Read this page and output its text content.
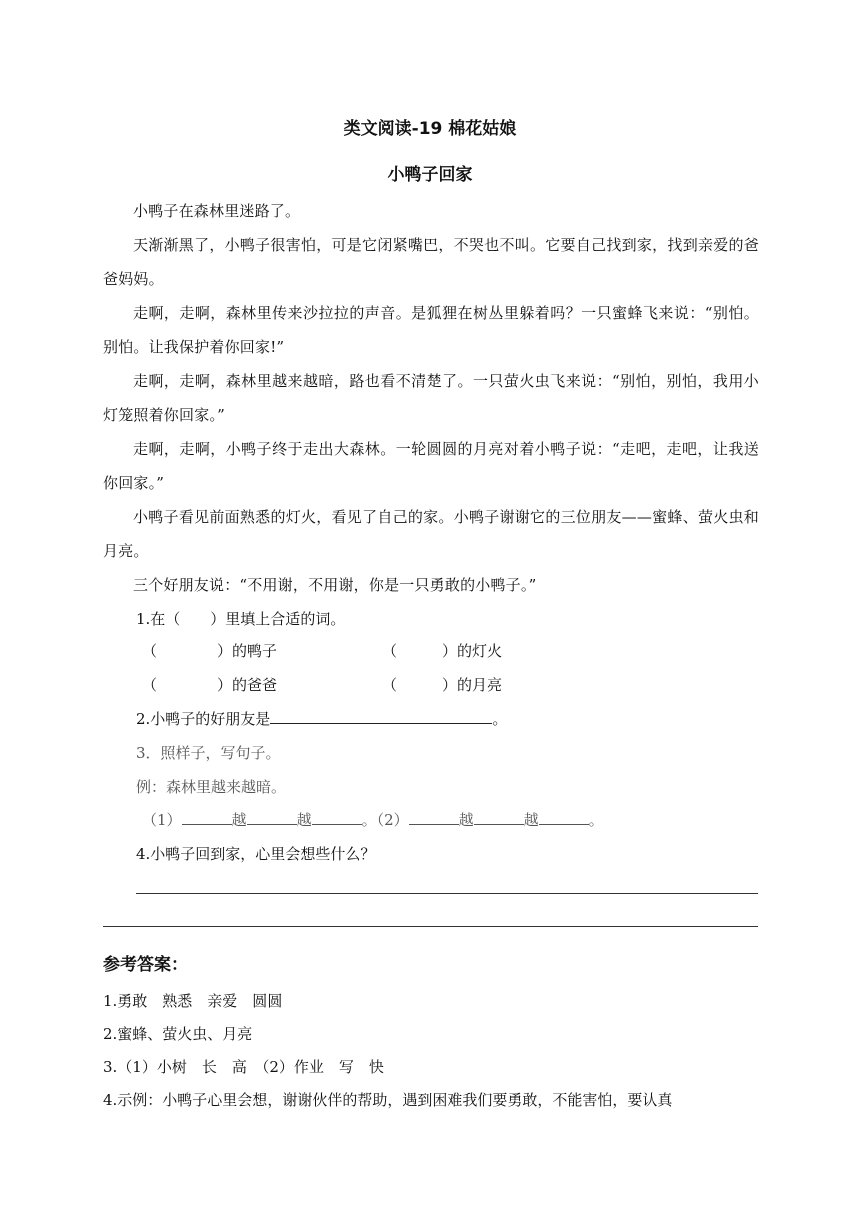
类文阅读-19 棉花姑娘
小鸭子回家
小鸭子在森林里迷路了。
天渐渐黑了，小鸭子很害怕，可是它闭紧嘴巴，不哭也不叫。它要自己找到家，找到亲爱的爸爸妈妈。
走啊，走啊，森林里传来沙拉拉的声音。是狐狸在树丛里躲着吗？一只蜜蜂飞来说：“别怕。别怕。让我保护着你回家!”
走啊，走啊，森林里越来越暗，路也看不清楚了。一只萤火虫飞来说：“别怕，别怕，我用小灯笼照着你回家。”
走啊，走啊，小鸭子终于走出大森林。一轮圆圆的月亮对着小鸭子说：“走吧，走吧，让我送你回家。”
小鸭子看见前面熟悉的灯火，看见了自己的家。小鸭子谢谢它的三位朋友——蜜蜂、萤火虫和月亮。
三个好朋友说：“不用谢，不用谢，你是一只勇敢的小鸭子。”
1.在（　　）里填上合适的词。
（　　　　）的鸭子	（　　　）的灯火
（　　　　）的爸爸	（　　　）的月亮
2.小鸭子的好朋友是	。
3．照样子，写句子。
例：森林里越来越暗。
（1）	越	越	。（2）	越	越	。
4.小鸭子回到家，心里会想些什么？
参考答案：
1.勇敢　熟悉　亲爱　圆圆
2.蜜蜂、萤火虫、月亮
3.（1）小树　长　高　（2）作业　写　快
4.示例：小鸭子心里会想，谢谢伙伴的帮助，遇到困难我们要勇敢，不能害怕，要认真
